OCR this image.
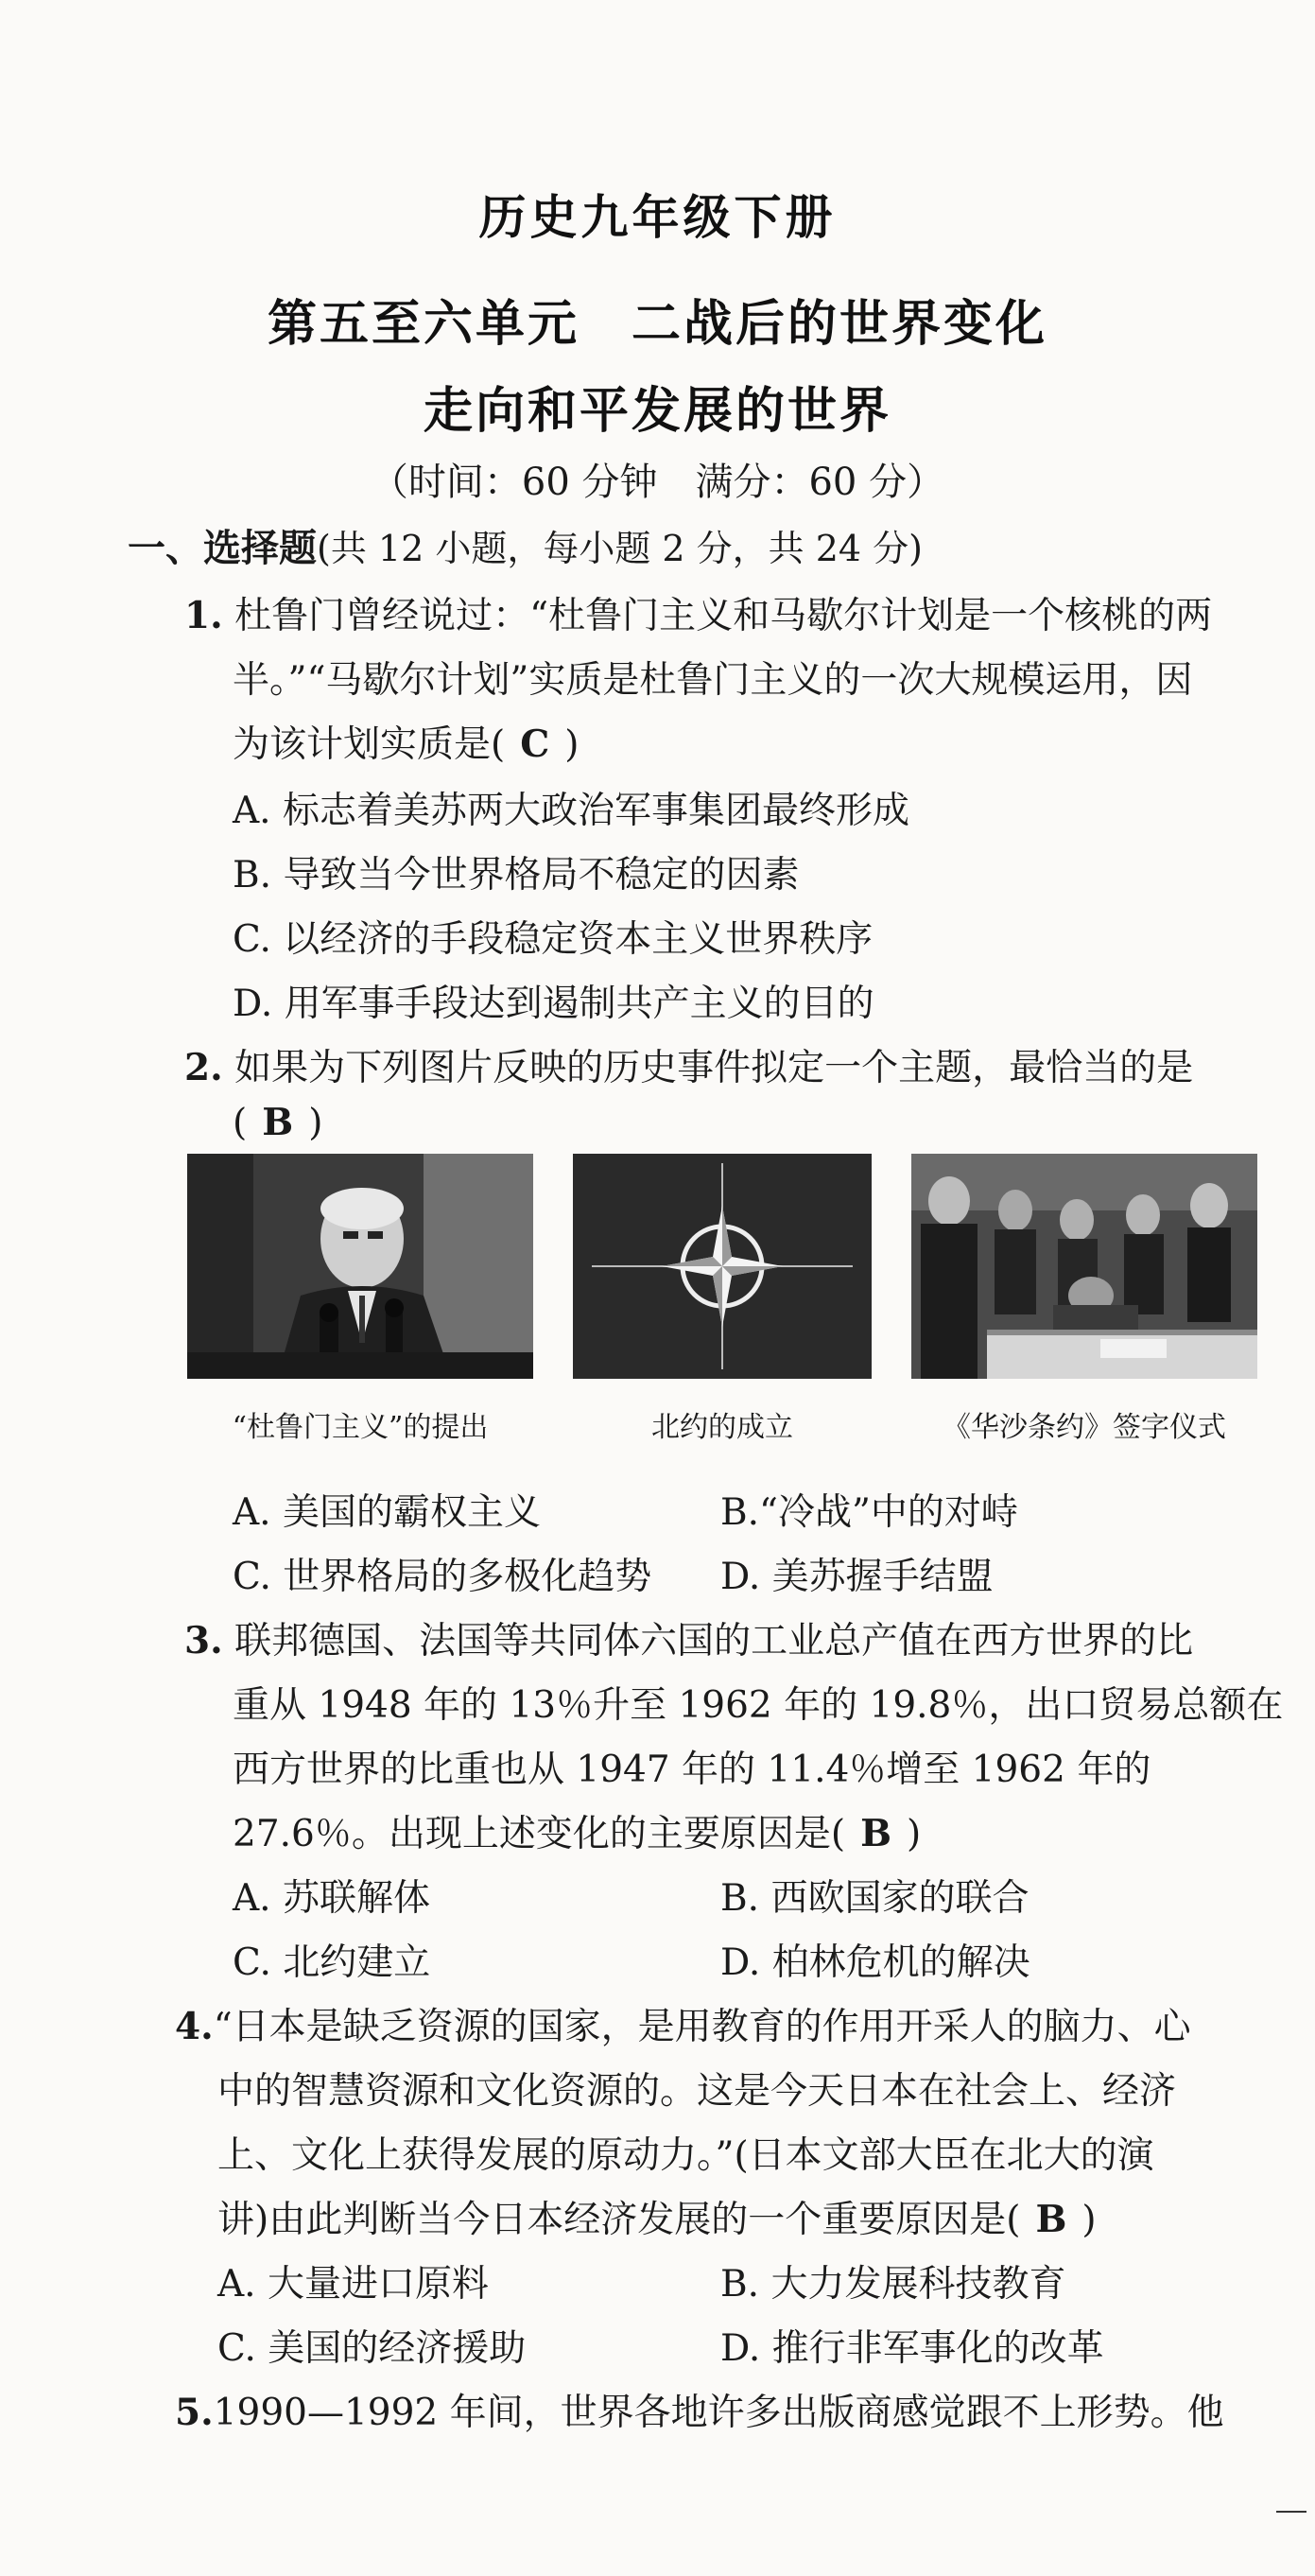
历史九年级下册
第五至六单元　二战后的世界变化
走向和平发展的世界
（时间：60 分钟　满分：60 分）
一、选择题(共 12 小题，每小题 2 分，共 24 分)
1. 杜鲁门曾经说过：“杜鲁门主义和马歇尔计划是一个核桃的两
半。”“马歇尔计划”实质是杜鲁门主义的一次大规模运用，因
为该计划实质是( C )
A. 标志着美苏两大政治军事集团最终形成
B. 导致当今世界格局不稳定的因素
C. 以经济的手段稳定资本主义世界秩序
D. 用军事手段达到遏制共产主义的目的
2. 如果为下列图片反映的历史事件拟定一个主题，最恰当的是
( B )
“杜鲁门主义”的提出	北约的成立	《华沙条约》签字仪式
A. 美国的霸权主义	B.“冷战”中的对峙
C. 世界格局的多极化趋势 D. 美苏握手结盟
3. 联邦德国、法国等共同体六国的工业总产值在西方世界的比
重从 1948 年的 13％升至 1962 年的 19.8％，出口贸易总额在
西方世界的比重也从 1947 年的 11.4％增至 1962 年的
27.6％。出现上述变化的主要原因是( B )
A. 苏联解体	B. 西欧国家的联合
C. 北约建立	D. 柏林危机的解决
4.“日本是缺乏资源的国家，是用教育的作用开采人的脑力、心
中的智慧资源和文化资源的。这是今天日本在社会上、经济
上、文化上获得发展的原动力。”(日本文部大臣在北大的演
讲)由此判断当今日本经济发展的一个重要原因是( B )
A. 大量进口原料	B. 大力发展科技教育
C. 美国的经济援助	D. 推行非军事化的改革
5.1990—1992 年间，世界各地许多出版商感觉跟不上形势。他
